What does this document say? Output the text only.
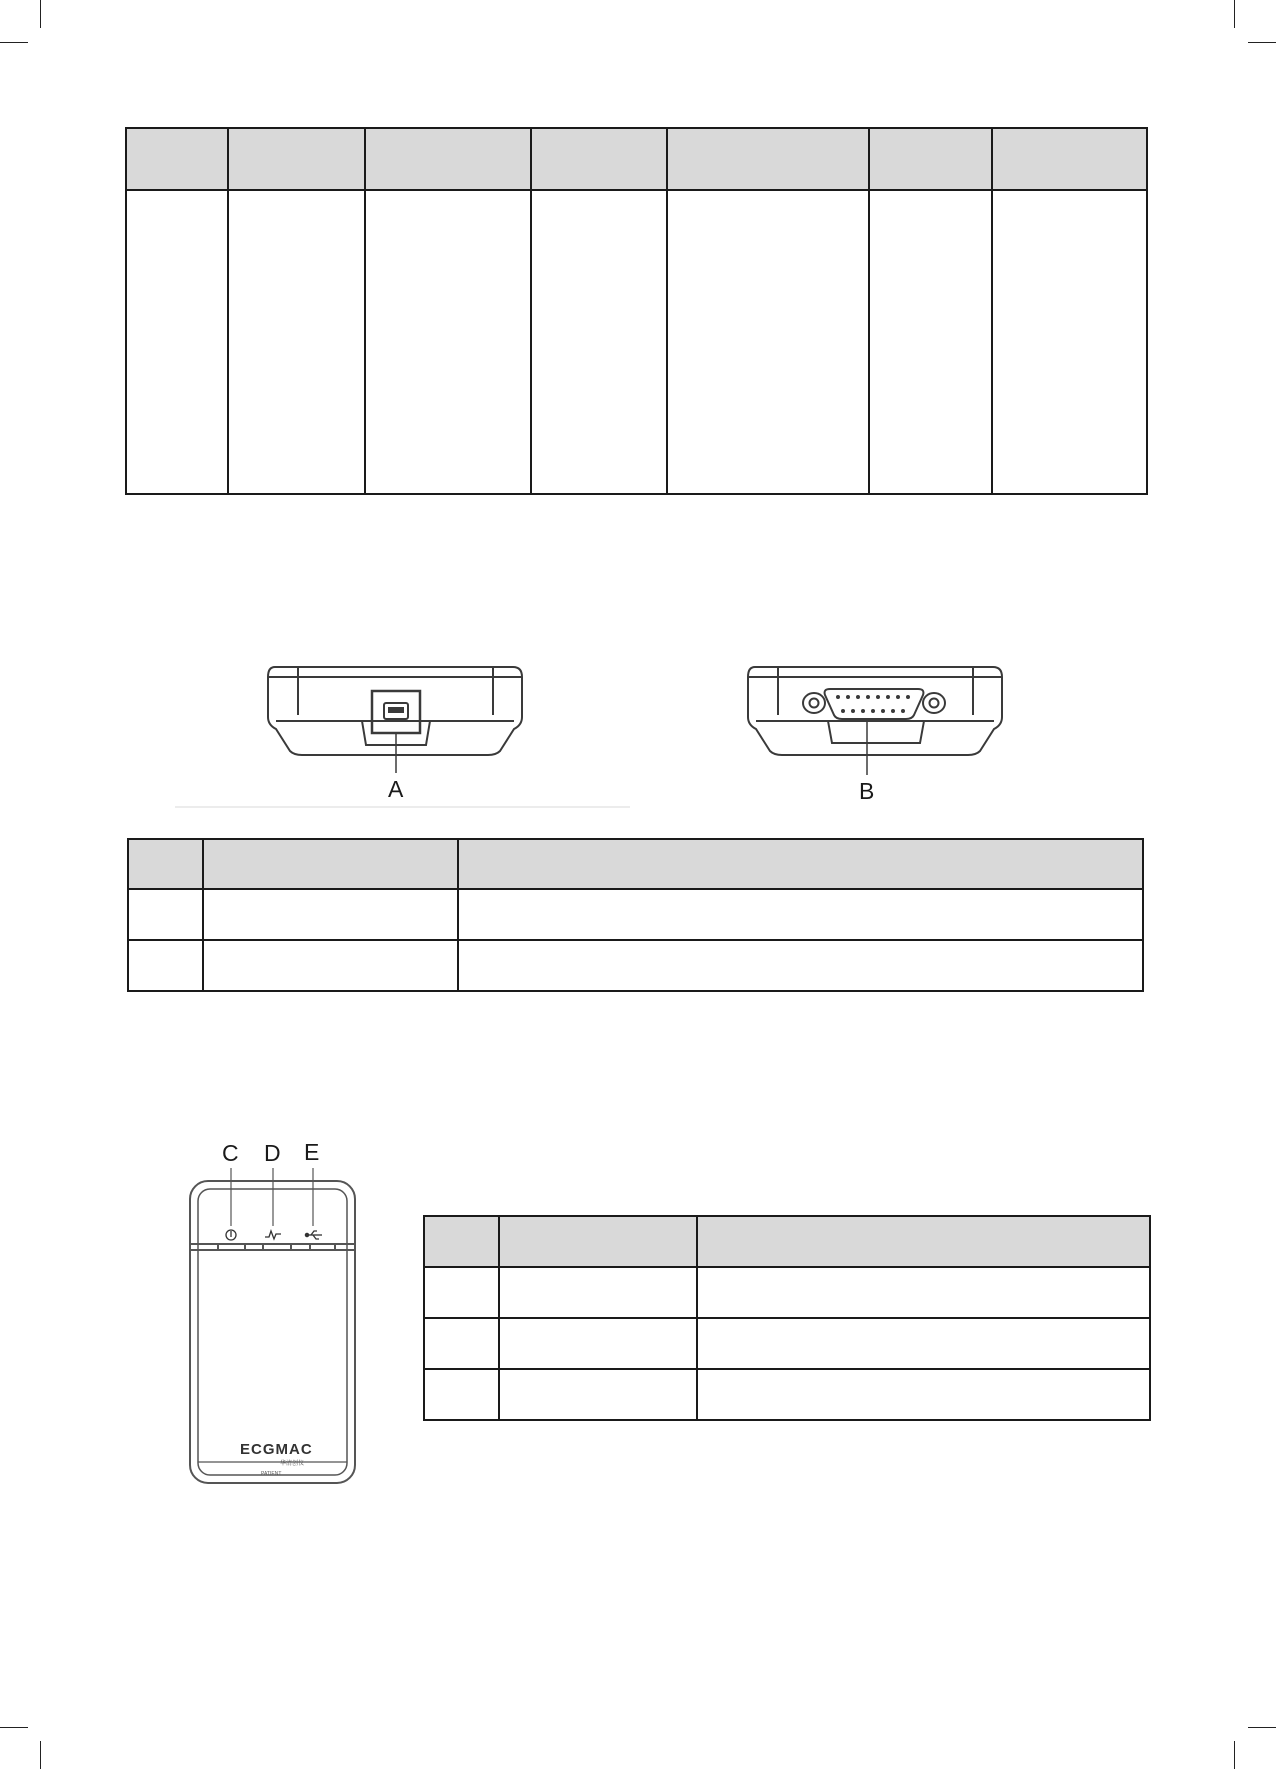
A	B

C D E
ECGMAC
华清创仪
PATIENT
